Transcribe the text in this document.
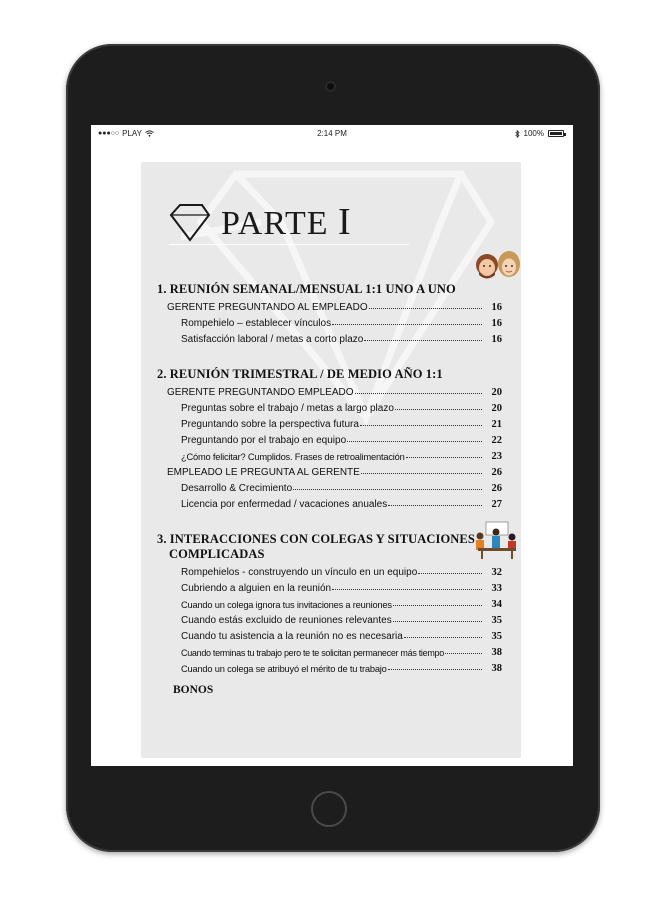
●●●○○ PLAY	2:14 PM	100%
PARTE I
1. REUNIÓN SEMANAL/MENSUAL 1:1 UNO A UNO
GERENTE PREGUNTANDO AL EMPLEADO	16
Rompehielo – establecer vínculos	16
Satisfacción laboral / metas a corto plazo	16
2. REUNIÓN TRIMESTRAL / DE MEDIO AÑO 1:1
GERENTE PREGUNTANDO EMPLEADO	20
Preguntas sobre el trabajo / metas a largo plazo	20
Preguntando sobre la perspectiva futura	21
Preguntando por el trabajo en equipo	22
¿Cómo felicitar? Cumplidos. Frases de retroalimentación	23
EMPLEADO LE PREGUNTA AL GERENTE	26
Desarrollo & Crecimiento	26
Licencia por enfermedad / vacaciones anuales	27
3. INTERACCIONES CON COLEGAS Y SITUACIONES
COMPLICADAS
Rompehielos - construyendo un vínculo en un equipo	32
Cubriendo a alguien en la reunión	33
Cuando un colega ignora tus invitaciones a reuniones	34
Cuando estás excluido de reuniones relevantes	35
Cuando tu asistencia a la reunión no es necesaria	35
Cuando terminas tu trabajo pero te te solicitan permanecer más tiempo	38
Cuando un colega se atribuyó el mérito de tu trabajo	38
BONOS
